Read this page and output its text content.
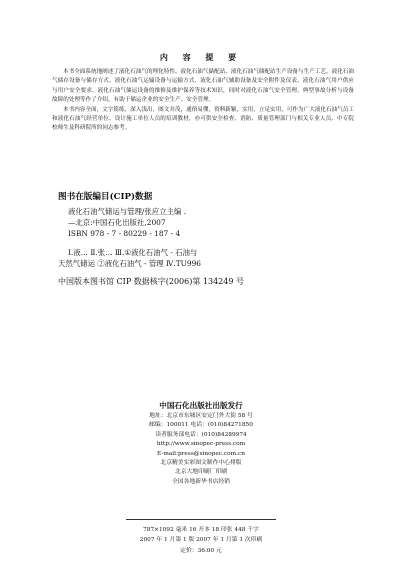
内 容 提 要

本书全面系统地阐述了液化石油气的理化特性、液化石油气储配站、液化石油气储配站生产设备与生产工艺、液化石油气储存设备与储存方式、液化石油气运输设备与运输方式、液化石油气辅助设备及安全附件及仪表、液化石油气用户供应与用户安全要求、液化石油气储运设备的维修及维护保养等技术知识，同时对液化石油气安全管理、典型事故分析与设备故障的处理等作了介绍，有助于储运企业的安全生产、安全管理。

本书内容全面，文字简练，深入浅出，图文并茂，通俗易懂，资料新颖，实用，立足实用，可作为广大液化石油气员工和液化石油气经营单位、设计施工单位人员的培训教材，亦可供安全检查、消防、质量管理部门与相关专业人员、中专院校师生及科研院所的同志参考。

图书在版编目(CIP)数据
液化石油气储运与管理/张应立主编 .
—北京:中国石化出版社,2007
ISBN 978 - 7 - 80229 - 187 - 4
Ⅰ.液… Ⅱ.张… Ⅲ.①液化石油气 - 石油与
天然气储运 ②液化石油气 - 管理 Ⅳ.TU996
中国版本图书馆 CIP 数据核字(2006)第 134249 号
中国石化出版社出版发行
地址：北京市东城区安定门外大街 58 号
邮编：100011 电话：(010)84271850
读者服务部电话：(010)84289974
http://www.sinopec-press.com
E-mail:press@sinopec.com.cn
北京精美实彩图文制作中心排版
北京大地印刷厂印刷
全国各地新华书店经销
787×1092 毫米 16 开本 18 印张 448 千字
2007 年 1 月第 1 版 2007 年 1 月第 1 次印刷
定价：36.00 元
